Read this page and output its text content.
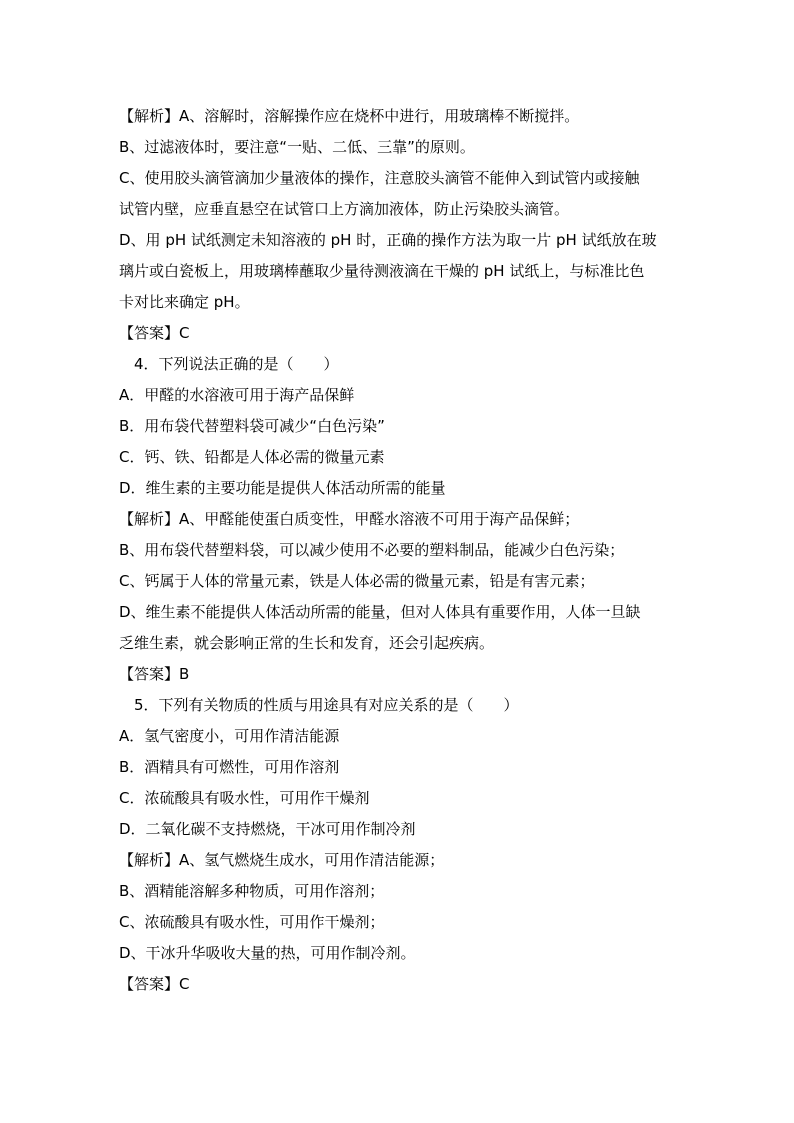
【解析】A、溶解时，溶解操作应在烧杯中进行，用玻璃棒不断搅拌。
B、过滤液体时，要注意“一贴、二低、三靠”的原则。
C、使用胶头滴管滴加少量液体的操作，注意胶头滴管不能伸入到试管内或接触
试管内壁，应垂直悬空在试管口上方滴加液体，防止污染胶头滴管。
D、用 pH 试纸测定未知溶液的 pH 时，正确的操作方法为取一片 pH 试纸放在玻
璃片或白瓷板上，用玻璃棒蘸取少量待测液滴在干燥的 pH 试纸上，与标准比色
卡对比来确定 pH。
【答案】C
4．下列说法正确的是（　　）
A．甲醛的水溶液可用于海产品保鲜
B．用布袋代替塑料袋可减少“白色污染”
C．钙、铁、铅都是人体必需的微量元素
D．维生素的主要功能是提供人体活动所需的能量
【解析】A、甲醛能使蛋白质变性，甲醛水溶液不可用于海产品保鲜；
B、用布袋代替塑料袋，可以减少使用不必要的塑料制品，能减少白色污染；
C、钙属于人体的常量元素，铁是人体必需的微量元素，铅是有害元素；
D、维生素不能提供人体活动所需的能量，但对人体具有重要作用，人体一旦缺
乏维生素，就会影响正常的生长和发育，还会引起疾病。
【答案】B
5．下列有关物质的性质与用途具有对应关系的是（　　）
A．氢气密度小，可用作清洁能源
B．酒精具有可燃性，可用作溶剂
C．浓硫酸具有吸水性，可用作干燥剂
D．二氧化碳不支持燃烧，干冰可用作制冷剂
【解析】A、氢气燃烧生成水，可用作清洁能源；
B、酒精能溶解多种物质，可用作溶剂；
C、浓硫酸具有吸水性，可用作干燥剂；
D、干冰升华吸收大量的热，可用作制冷剂。
【答案】C
